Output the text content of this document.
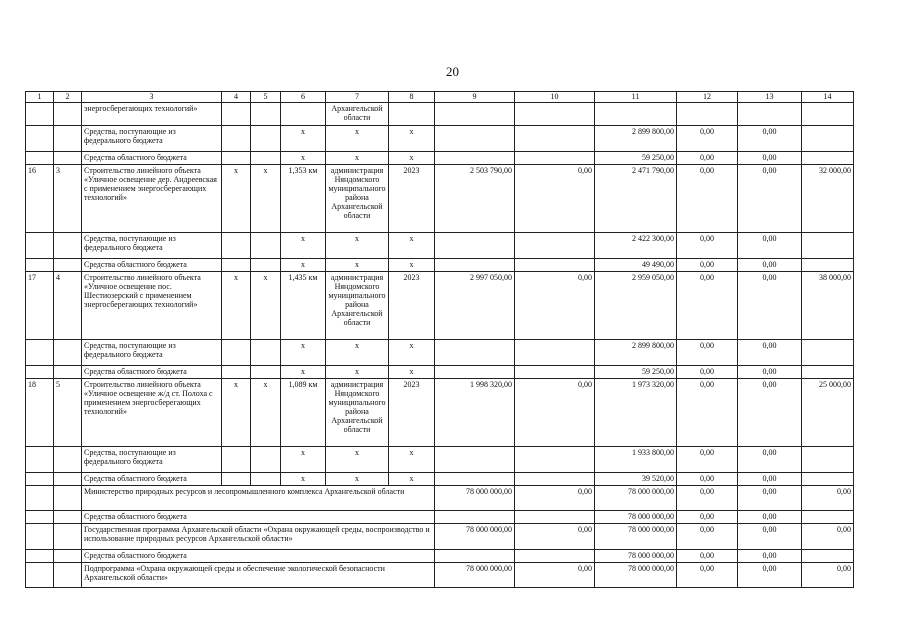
20
1	2	3	4	5	6	7	8	9	10	11	12	13	14
		энергосберегающих технологий»				Архангельской области							
		Средства, поступающие из федерального бюджета			х	х	х			2 899 800,00	0,00	0,00	
		Средства областного бюджета			х	х	х			59 250,00	0,00	0,00	
16	3	Строительство линейного объекта «Уличное освещение дер. Андреевская с применением энергосберегающих технологий»	х	х	1,353 км	администрация Няндомского муниципального района Архангельской области	2023	2 503 790,00	0,00	2 471 790,00	0,00	0,00	32 000,00
		Средства, поступающие из федерального бюджета			х	х	х			2 422 300,00	0,00	0,00	
		Средства областного бюджета			х	х	х			49 490,00	0,00	0,00	
17	4	Строительство линейного объекта «Уличное освещение пос. Шестиозерский с применением энергосберегающих технологий»	х	х	1,435 км	администрация Няндомского муниципального района Архангельской области	2023	2 997 050,00	0,00	2 959 050,00	0,00	0,00	38 000,00
		Средства, поступающие из федерального бюджета			х	х	х			2 899 800,00	0,00	0,00	
		Средства областного бюджета			х	х	х			59 250,00	0,00	0,00	
18	5	Строительство линейного объекта «Уличное освещение ж/д ст. Полоха с применением энергосберегающих технологий»	х	х	1,089 км	администрация Няндомского муниципального района Архангельской области	2023	1 998 320,00	0,00	1 973 320,00	0,00	0,00	25 000,00
		Средства, поступающие из федерального бюджета			х	х	х			1 933 800,00	0,00	0,00	
		Средства областного бюджета			х	х	х			39 520,00	0,00	0,00	
		Министерство природных ресурсов и лесопромышленного комплекса Архангельской области						78 000 000,00	0,00	78 000 000,00	0,00	0,00	0,00
		Средства областного бюджета								78 000 000,00	0,00	0,00	
		Государственная программа Архангельской области «Охрана окружающей среды, воспроизводство и использование природных ресурсов Архангельской области»						78 000 000,00	0,00	78 000 000,00	0,00	0,00	0,00
		Средства областного бюджета								78 000 000,00	0,00	0,00	
		Подпрограмма «Охрана окружающей среды и обеспечение экологической безопасности Архангельской области»						78 000 000,00	0,00	78 000 000,00	0,00	0,00	0,00
